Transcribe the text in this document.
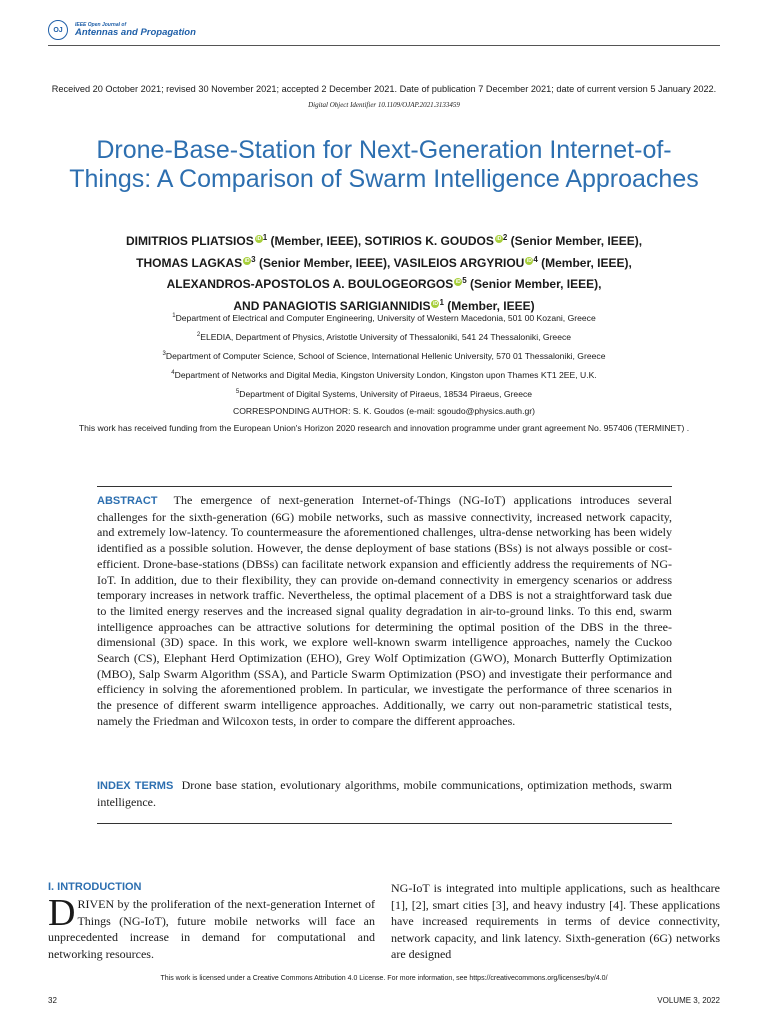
OJ
IEEE Open Journal of
Antennas and Propagation
Received 20 October 2021; revised 30 November 2021; accepted 2 December 2021. Date of publication 7 December 2021; date of current version 5 January 2022.
Digital Object Identifier 10.1109/OJAP.2021.3133459
Drone-Base-Station for Next-Generation Internet-of-Things: A Comparison of Swarm Intelligence Approaches
DIMITRIOS PLIATSIOS iD $^1$ (Member, IEEE), SOTIRIOS K. GOUDOS iD $^2$ (Senior Member, IEEE),
THOMAS LAGKAS iD $^3$ (Senior Member, IEEE), VASILEIOS ARGYRIOU iD $^4$ (Member, IEEE),
ALEXANDROS-APOSTOLOS A. BOULOGEORGOS iD $^5$ (Senior Member, IEEE),
AND PANAGIOTIS SARIGIANNIDIS iD $^1$ (Member, IEEE)
$^1$Department of Electrical and Computer Engineering, University of Western Macedonia, 501 00 Kozani, Greece
$^2$ELEDIA, Department of Physics, Aristotle University of Thessaloniki, 541 24 Thessaloniki, Greece
$^3$Department of Computer Science, School of Science, International Hellenic University, 570 01 Thessaloniki, Greece
$^4$Department of Networks and Digital Media, Kingston University London, Kingston upon Thames KT1 2EE, U.K.
$^5$Department of Digital Systems, University of Piraeus, 18534 Piraeus, Greece
CORRESPONDING AUTHOR: S. K. Goudos (e-mail: sgoudo@physics.auth.gr)
This work has received funding from the European Union's Horizon 2020 research and innovation programme under grant agreement No. 957406 (TERMINET) .
ABSTRACT The emergence of next-generation Internet-of-Things (NG-IoT) applications introduces several challenges for the sixth-generation (6G) mobile networks, such as massive connectivity, increased network capacity, and extremely low-latency. To countermeasure the aforementioned challenges, ultra-dense networking has been widely identified as a possible solution. However, the dense deployment of base stations (BSs) is not always possible or cost-efficient. Drone-base-stations (DBSs) can facilitate network expansion and efficiently address the requirements of NG-IoT. In addition, due to their flexibility, they can provide on-demand connectivity in emergency scenarios or address temporary increases in network traffic. Nevertheless, the optimal placement of a DBS is not a straightforward task due to the limited energy reserves and the increased signal quality degradation in air-to-ground links. To this end, swarm intelligence approaches can be attractive solutions for determining the optimal position of the DBS in the three-dimensional (3D) space. In this work, we explore well-known swarm intelligence approaches, namely the Cuckoo Search (CS), Elephant Herd Optimization (EHO), Grey Wolf Optimization (GWO), Monarch Butterfly Optimization (MBO), Salp Swarm Algorithm (SSA), and Particle Swarm Optimization (PSO) and investigate their performance and efficiency in solving the aforementioned problem. In particular, we investigate the performance of three scenarios in the presence of different swarm intelligence approaches. Additionally, we carry out non-parametric statistical tests, namely the Friedman and Wilcoxon tests, in order to compare the different approaches.
INDEX TERMS Drone base station, evolutionary algorithms, mobile communications, optimization methods, swarm intelligence.
I. INTRODUCTION
DRIVEN by the proliferation of the next-generation Internet of Things (NG-IoT), future mobile networks will face an unprecedented increase in demand for computational and networking resources.
NG-IoT is integrated into multiple applications, such as healthcare [1], [2], smart cities [3], and heavy industry [4]. These applications have increased requirements in terms of device connectivity, network capacity, and link latency. Sixth-generation (6G) networks are designed
This work is licensed under a Creative Commons Attribution 4.0 License. For more information, see https://creativecommons.org/licenses/by/4.0/
32	VOLUME 3, 2022
